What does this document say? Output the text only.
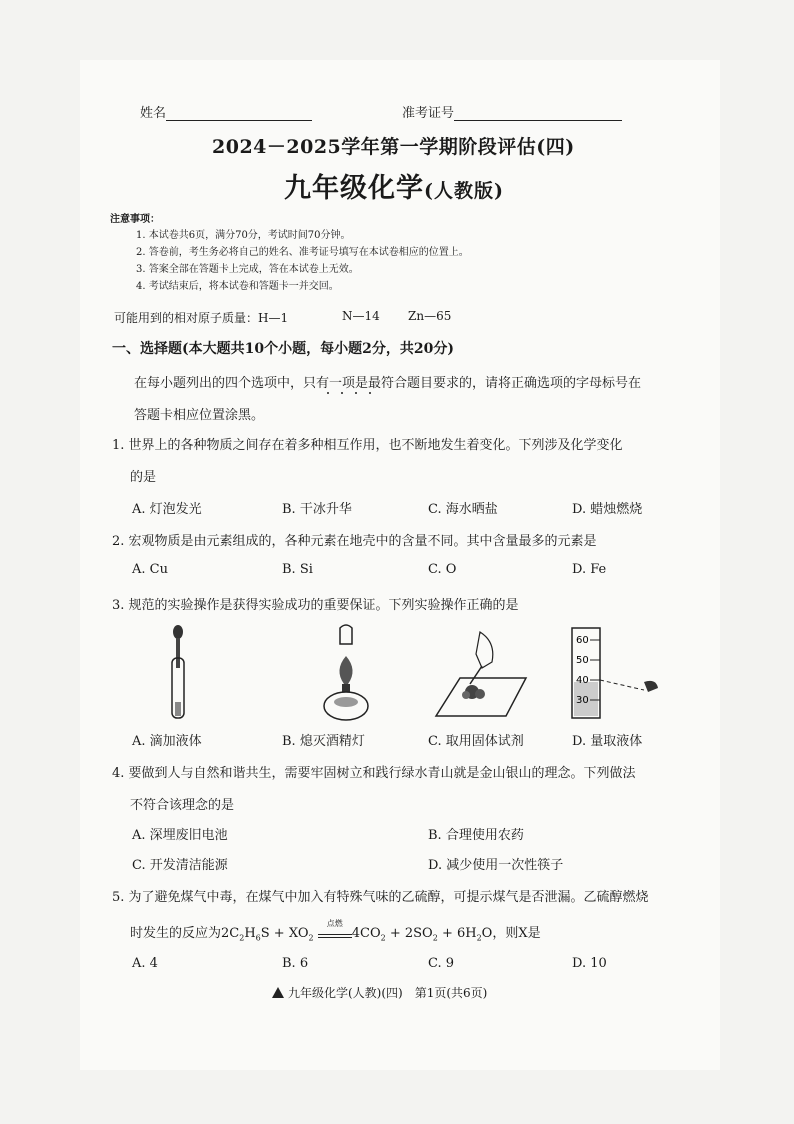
姓名	准考证号
2024－2025学年第一学期阶段评估(四)
九年级化学(人教版)
注意事项：
1. 本试卷共6页，满分70分，考试时间70分钟。
2. 答卷前，考生务必将自己的姓名、准考证号填写在本试卷相应的位置上。
3. 答案全部在答题卡上完成，答在本试卷上无效。
4. 考试结束后，将本试卷和答题卡一并交回。
可能用到的相对原子质量：H—1	N—14 Zn—65
一、选择题(本大题共10个小题，每小题2分，共20分)
在每小题列出的四个选项中，只有一项是最符合题目要求的，请将正确选项的字母标号在
答题卡相应位置涂黑。
1. 世界上的各种物质之间存在着多种相互作用，也不断地发生着变化。下列涉及化学变化
的是
A. 灯泡发光	B. 干冰升华	C. 海水晒盐	D. 蜡烛燃烧
2. 宏观物质是由元素组成的，各种元素在地壳中的含量不同。其中含量最多的元素是
A. Cu	B. Si	C. O	D. Fe
3. 规范的实验操作是获得实验成功的重要保证。下列实验操作正确的是
60
50
40
30
A. 滴加液体	B. 熄灭酒精灯	C. 取用固体试剂	D. 量取液体
4. 要做到人与自然和谐共生，需要牢固树立和践行绿水青山就是金山银山的理念。下列做法
不符合该理念的是
A. 深埋废旧电池	B. 合理使用农药
C. 开发清洁能源	D. 减少使用一次性筷子
5. 为了避免煤气中毒，在煤气中加入有特殊气味的乙硫醇，可提示煤气是否泄漏。乙硫醇燃烧
时发生的反应为$2C_2H_6S + XO_2$
点燃
$4CO_2 + 2SO_2 + 6H_2O$，则X是
A. 4	B. 6	C. 9	D. 10
九年级化学(人教)(四)　第1页(共6页)
